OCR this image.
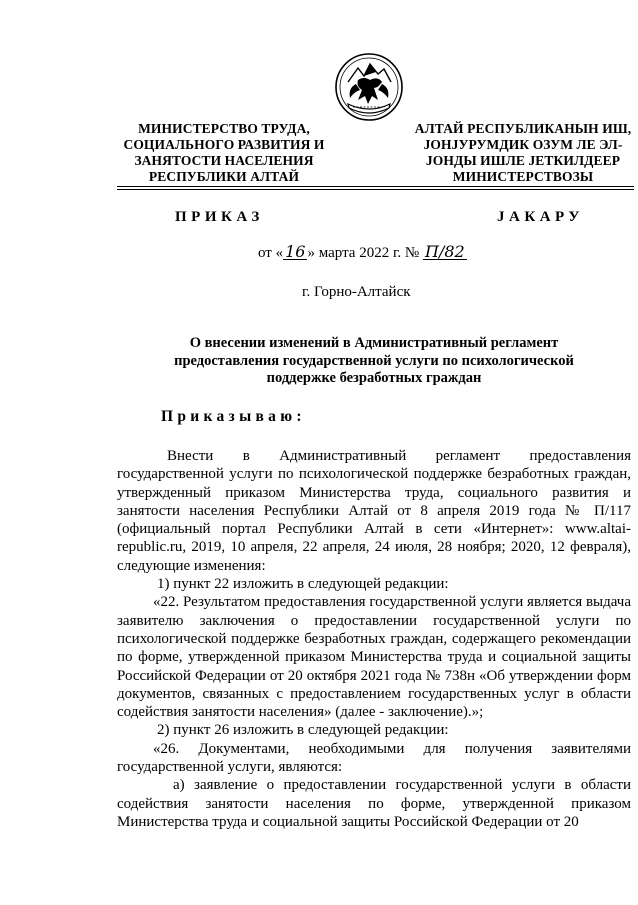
МИНИСТЕРСТВО ТРУДА,
СОЦИАЛЬНОГО РАЗВИТИЯ И
ЗАНЯТОСТИ НАСЕЛЕНИЯ
РЕСПУБЛИКИ АЛТАЙ
АЛТАЙ РЕСПУБЛИКАНЫН ИШ,
ЈОНЈУРУМДИК ОЗУМ ЛЕ ЭЛ-
ЈОНДЫ ИШЛЕ ЈЕТКИЛДЕЕР
МИНИСТЕРСТВОЗЫ
ПРИКАЗ	ЈАКАРУ
от « 16 » марта 2022 г. № П/82
г. Горно-Алтайск
О внесении изменений в Административный регламент
предоставления государственной услуги по психологической
поддержке безработных граждан
Приказываю:

Внести в Административный регламент предоставления государственной услуги по психологической поддержке безработных граждан, утвержденный приказом Министерства труда, социального развития и занятости населения Республики Алтай от 8 апреля 2019 года № П/117 (официальный портал Республики Алтай в сети «Интернет»: www.altai-republic.ru, 2019, 10 апреля, 22 апреля, 24 июля, 28 ноября; 2020, 12 февраля), следующие изменения:

1) пункт 22 изложить в следующей редакции:

«22. Результатом предоставления государственной услуги является выдача заявителю заключения о предоставлении государственной услуги по психологической поддержке безработных граждан, содержащего рекомендации по форме, утвержденной приказом Министерства труда и социальной защиты Российской Федерации от 20 октября 2021 года № 738н «Об утверждении форм документов, связанных с предоставлением государственных услуг в области содействия занятости населения» (далее - заключение).»;

2) пункт 26 изложить в следующей редакции:

«26. Документами, необходимыми для получения заявителями государственной услуги, являются:

а) заявление о предоставлении государственной услуги в области содействия занятости населения по форме, утвержденной приказом Министерства труда и социальной защиты Российской Федерации от 20
